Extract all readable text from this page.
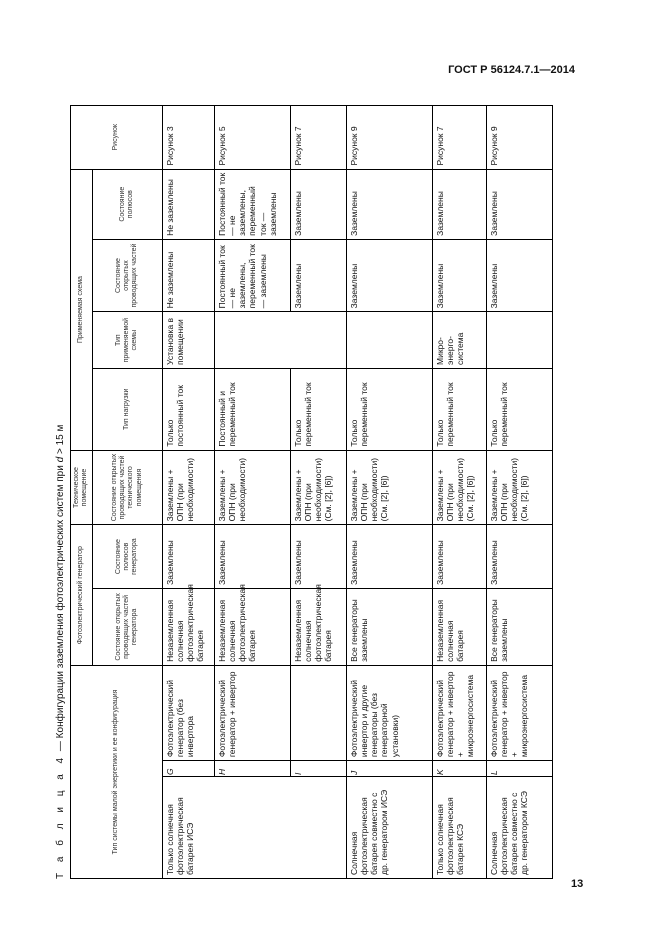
ГОСТ Р 56124.7.1—2014
Т а б л и ц а 4 — Конфигурации заземления фотоэлектрических систем при d > 15 м
Тип системы малой энергетики и ее конфигурация			Фотоэлектрический генератор		Техническое помещение	Применяемая схема				Рисунок
			Состояние открытых проводящих частей генератора	Состояние полюсов генератора	Состояние открытых проводящих частей технического помещения	Тип нагрузки	Тип применяемой схемы	Состояние открытых проводящих частей	Состояние полюсов	
Только солнечная фотоэлектрическая батарея ИСЭ	G	Фотоэлектрический генератор (без инвертора	Незаземленная солнечная фотоэлектрическая батарея	Заземлены	Заземлены + ОПН (при необходимости)	Только постоянный ток	Установка в помещении	Не заземлены	Не заземлены	Рисунок 3
	H	Фотоэлектрический генератор + инвертор	Незаземленная солнечная фотоэлектрическая батарея	Заземлены	Заземлены + ОПН (при необходимости)	Постоянный и переменный ток		Постоянный ток — не заземлены, переменный ток — заземлены	Постоянный ток — не заземлены, переменный ток — заземлены	Рисунок 5
	I		Незаземленная солнечная фотоэлектрическая батарея	Заземлены	Заземлены + ОПН (при необходимости) (См. [2], [6])	Только переменный ток		Заземлены	Заземлены	Рисунок 7
Солнечная фотоэлектрическая батарея совместно с др. генератором ИСЭ	J	Фотоэлектрический инвертор и другие генераторы (без генераторной установки)	Все генераторы заземлены	Заземлены	Заземлены + ОПН (при необходимости) (См. [2], [6])	Только переменный ток		Заземлены	Заземлены	Рисунок 9
Только солнечная фотоэлектрическая батарея КСЭ	K	Фотоэлектрический генератор + инвертор + микроэнергосистема	Незаземленная солнечная батарея	Заземлены	Заземлены + ОПН (при необходимости) (См. [2], [6])	Только переменный ток	Микро-энерго-система	Заземлены	Заземлены	Рисунок 7
Солнечная фотоэлектрическая батарея совместно с др. генератором КСЭ	L	Фотоэлектрический генератор + инвертор + микроэнергосистема	Все генераторы заземлены	Заземлены	Заземлены + ОПН (при необходимости) (См. [2], [6])	Только переменный ток		Заземлены	Заземлены	Рисунок 9
13
